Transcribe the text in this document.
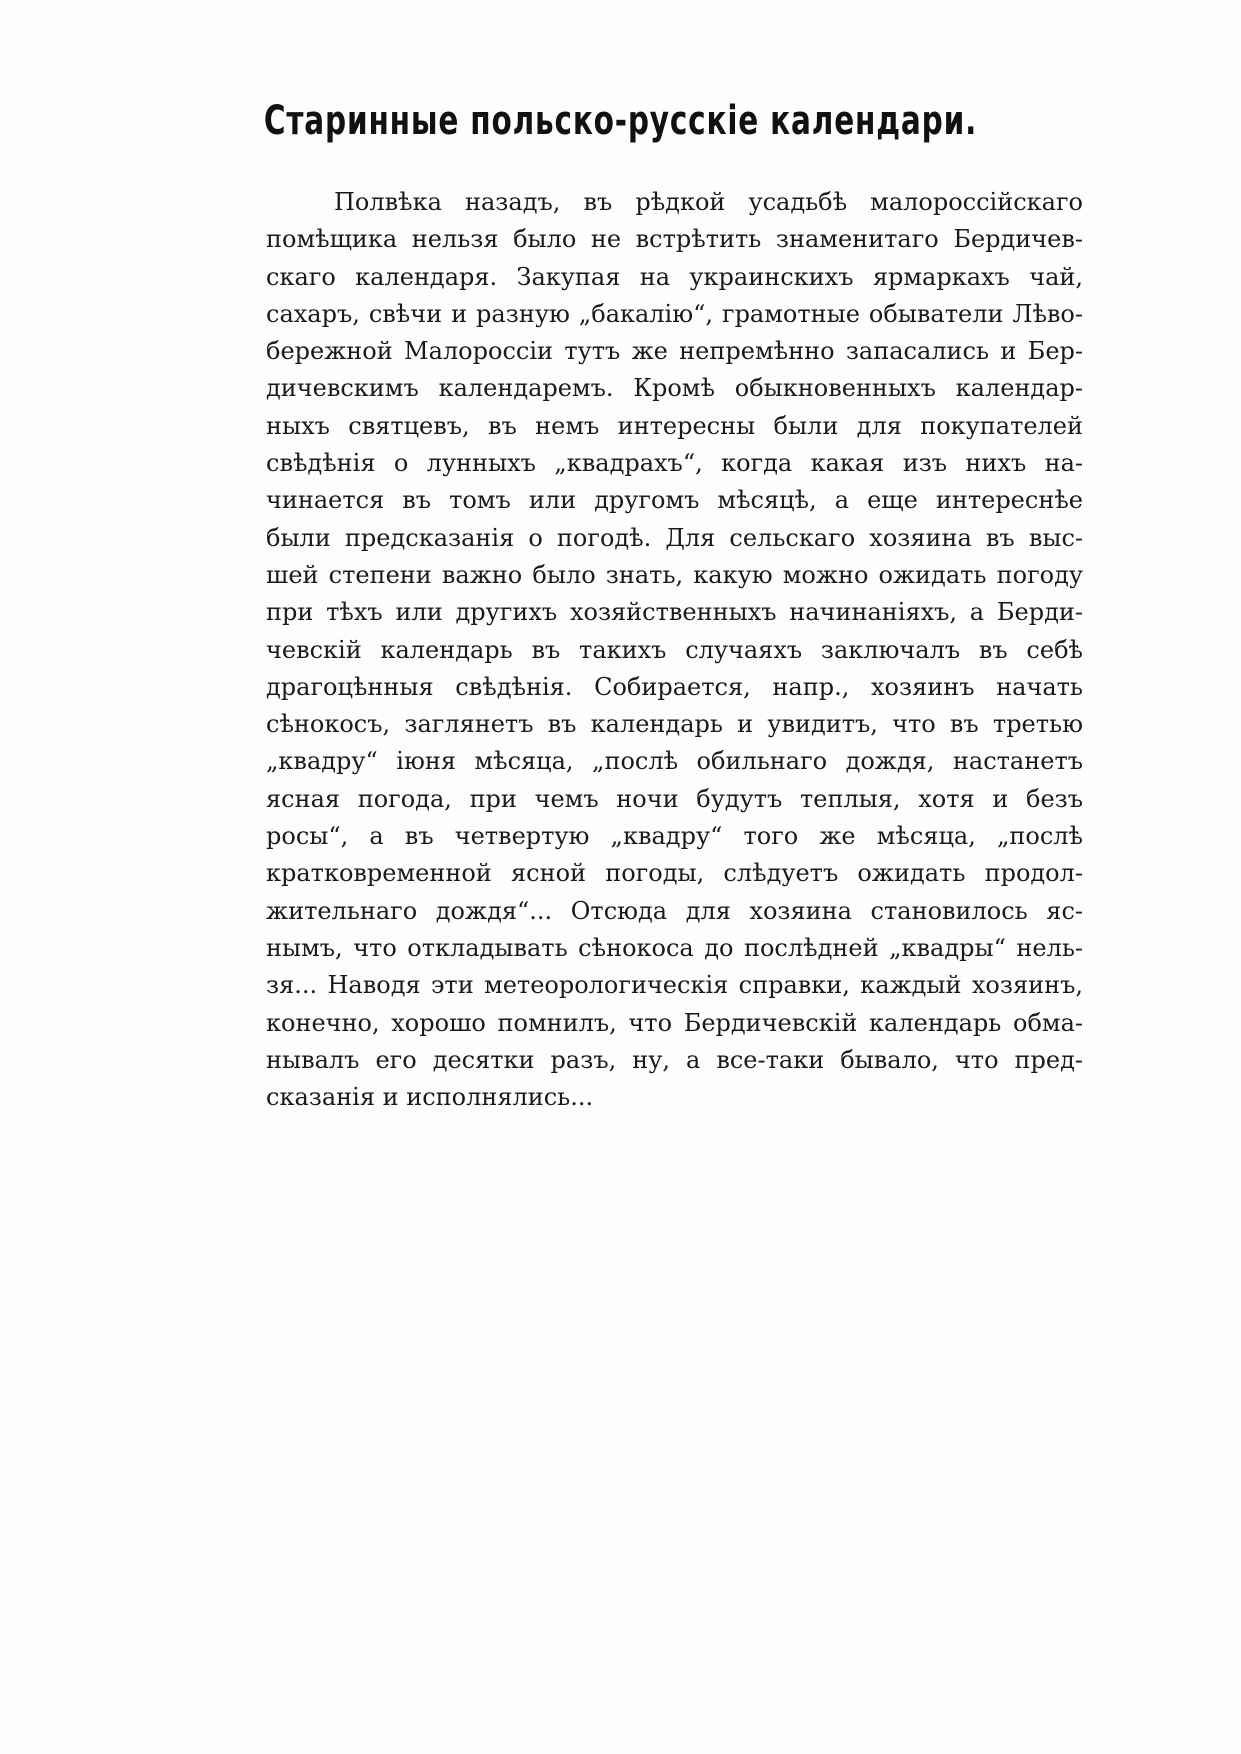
Старинные польско-русскіе календари.
Полвѣка назадъ, въ рѣдкой усадьбѣ малороссійскаго
помѣщика нельзя было не встрѣтить знаменитаго Бердичев-
скаго календаря. Закупая на украинскихъ ярмаркахъ чай,
сахаръ, свѣчи и разную „бакалію“, грамотные обыватели Лѣво-
бережной Малороссіи тутъ же непремѣнно запасались и Бер-
дичевскимъ календаремъ. Кромѣ обыкновенныхъ календар-
ныхъ святцевъ, въ немъ интересны были для покупателей
свѣдѣнія о лунныхъ „квадрахъ“, когда какая изъ нихъ на-
чинается въ томъ или другомъ мѣсяцѣ, а еще интереснѣе
были предсказанія о погодѣ. Для сельскаго хозяина въ выс-
шей степени важно было знать, какую можно ожидать погоду
при тѣхъ или другихъ хозяйственныхъ начинаніяхъ, а Берди-
чевскій календарь въ такихъ случаяхъ заключалъ въ себѣ
драгоцѣнныя свѣдѣнія. Собирается, напр., хозяинъ начать
сѣнокосъ, заглянетъ въ календарь и увидитъ, что въ третью
„квадру“ іюня мѣсяца, „послѣ обильнаго дождя, настанетъ
ясная погода, при чемъ ночи будутъ теплыя, хотя и безъ
росы“, а въ четвертую „квадру“ того же мѣсяца, „послѣ
кратковременной ясной погоды, слѣдуетъ ожидать продол-
жительнаго дождя“... Отсюда для хозяина становилось яс-
нымъ, что откладывать сѣнокоса до послѣдней „квадры“ нель-
зя... Наводя эти метеорологическія справки, каждый хозяинъ,
конечно, хорошо помнилъ, что Бердичевскій календарь обма-
нывалъ его десятки разъ, ну, а все-таки бывало, что пред-
сказанія и исполнялись...
